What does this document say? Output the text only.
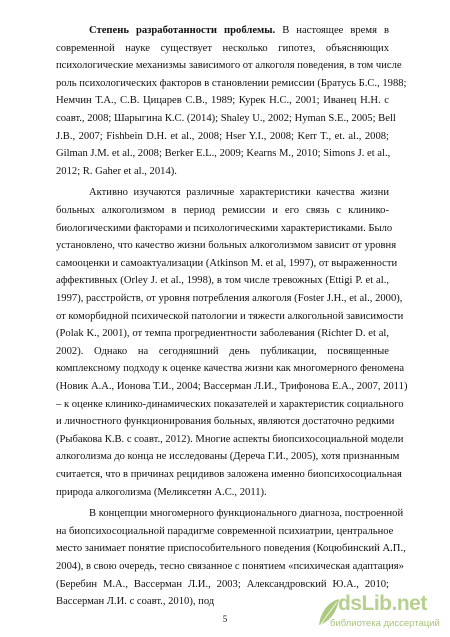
Степень разработанности проблемы. В настоящее время в
современной науке существует несколько гипотез, объясняющих
психологические механизмы зависимого от алкоголя поведения, в том числе
роль психологических факторов в становлении ремиссии (Братусь Б.С., 1988;
Немчин Т.А., С.В. Цицарев С.В., 1989; Курек Н.С., 2001; Иванец Н.Н. с
соавт., 2008; Шарыгина К.С. (2014); Shaley U., 2002; Hyman S.E., 2005; Bell
J.B., 2007; Fishbein D.H. et al., 2008; Hser Y.I., 2008; Kerr T., et. al., 2008;
Gilman J.M. et al., 2008; Berker E.L., 2009; Kearns M., 2010; Simons J. et al.,
2012; R. Gaher et al., 2014).
Активно изучаются различные характеристики качества жизни
больных алкоголизмом в период ремиссии и его связь с клинико-
биологическими факторами и психологическими характеристиками. Было
установлено, что качество жизни больных алкоголизмом зависит от уровня
самооценки и самоактуализации (Atkinson M. et al, 1997), от выраженности
аффективных (Orley J. et al., 1998), в том числе тревожных (Ettigi P. et al.,
1997), расстройств, от уровня потребления алкоголя (Foster J.H., et al., 2000),
от коморбидной психической патологии и тяжести алкогольной зависимости
(Polak K., 2001), от темпа прогредиентности заболевания (Richter D. et al,
2002). Однако на сегодняшний день публикации, посвященные
комплексному подходу к оценке качества жизни как многомерного феномена
(Новик А.А., Ионова Т.И., 2004; Вассерман Л.И., Трифонова Е.А., 2007, 2011)
– к оценке клинико-динамических показателей и характеристик социального
и личностного функционирования больных, являются достаточно редкими
(Рыбакова К.В. с соавт., 2012). Многие аспекты биопсихосоциальной модели
алкоголизма до конца не исследованы (Дереча Г.И., 2005), хотя признанным
считается, что в причинах рецидивов заложена именно биопсихосоциальная
природа алкоголизма (Меликсетян А.С., 2011).
В концепции многомерного функционального диагноза, построенной
на биопсихосоциальной парадигме современной психиатрии, центральное
место занимает понятие приспособительного поведения (Коцюбинский А.П.,
2004), в свою очередь, тесно связанное с понятием «психическая адаптация»
(Беребин М.А., Вассерман Л.И., 2003; Александровский Ю.А., 2010;
Вассерман Л.И. с соавт., 2010), под
5
dsLib.net
библиотека диссертаций
